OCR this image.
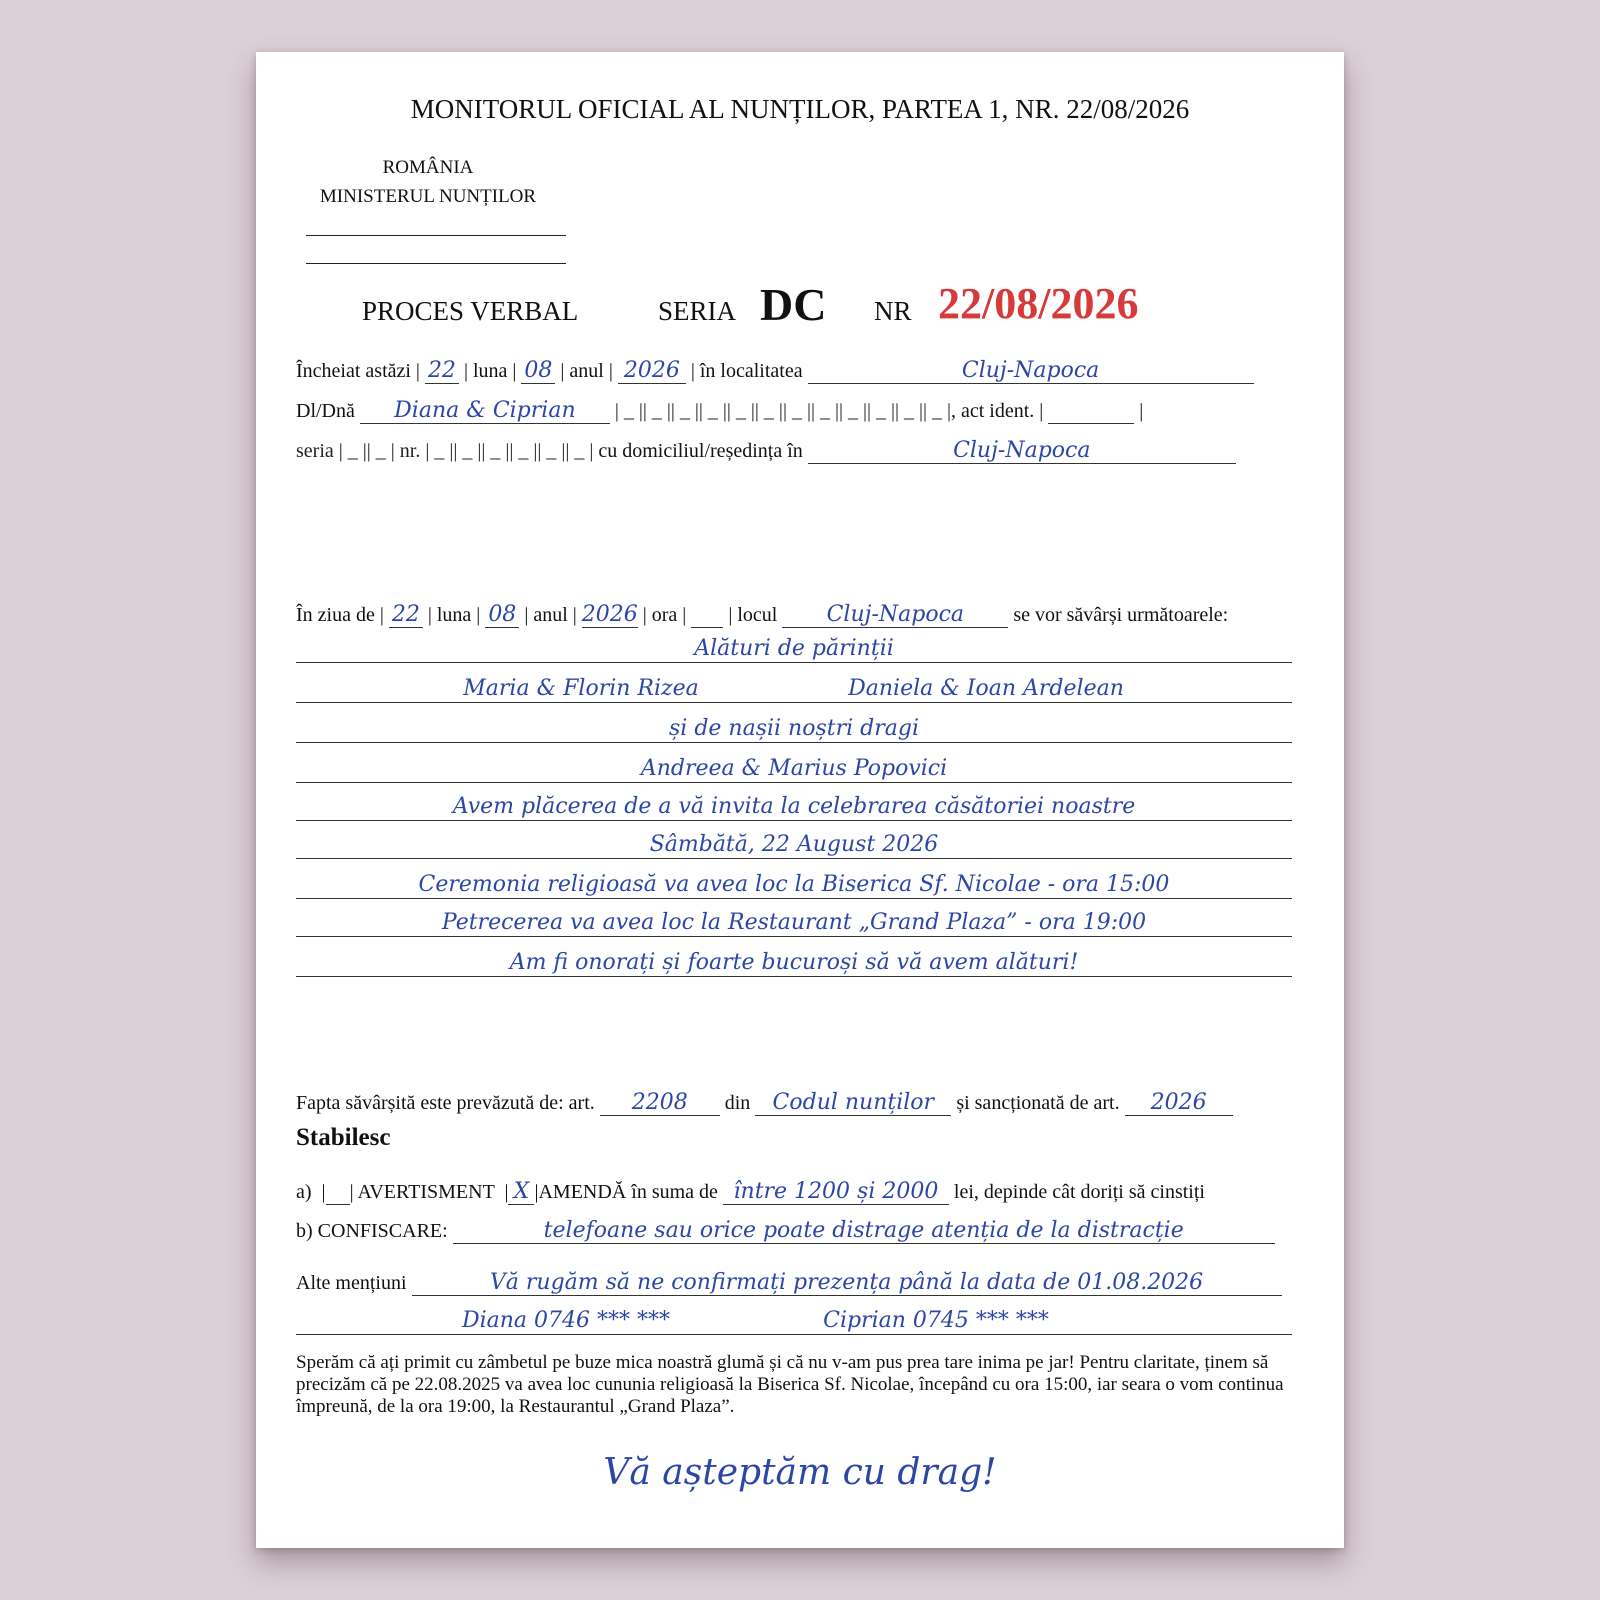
MONITORUL OFICIAL AL NUNȚILOR, PARTEA 1, NR. 22/08/2026
ROMÂNIA
MINISTERUL NUNȚILOR
PROCES VERBAL	SERIA DC NR 22/08/2026
Încheiat astăzi | 22 | luna | 08 | anul | 2026 | în localitatea	Cluj-Napoca
Dl/Dnă Diana & Ciprian | _ || _ || _ || _ || _ || _ || _ || _ || _ || _ || _ || _ |, act ident. |	|
seria | _ || _ | nr. | _ || _ || _ || _ || _ || _ | cu domiciliul/reședința în	Cluj-Napoca
În ziua de | 22 | luna | 08 | anul | 2026 | ora | | locul Cluj-Napoca se vor săvârși următoarele:
Alături de părinții
Maria & Florin Rizea	Daniela & Ioan Ardelean
și de nașii noștri dragi
Andreea & Marius Popovici
Avem plăcerea de a vă invita la celebrarea căsătoriei noastre
Sâmbătă, 22 August 2026
Ceremonia religioasă va avea loc la Biserica Sf. Nicolae - ora 15:00
Petrecerea va avea loc la Restaurant „Grand Plaza” - ora 19:00
Am fi onorați și foarte bucuroși să vă avem alături!
Fapta săvârșită este prevăzută de: art. 2208 din Codul nunților și sancționată de art. 2026
Stabilesc
a)  | | AVERTISMENT  | X |AMENDĂ în suma de între 1200 și 2000 lei, depinde cât doriți să cinstiți
b) CONFISCARE:	telefoane sau orice poate distrage atenția de la distracție
Alte mențiuni	Vă rugăm să ne confirmați prezența până la data de 01.08.2026
Diana 0746 *** ***	Ciprian 0745 *** ***
Sperăm că ați primit cu zâmbetul pe buze mica noastră glumă și că nu v-am pus prea tare inima pe jar! Pentru claritate, ținem să precizăm că pe 22.08.2025 va avea loc cununia religioasă la Biserica Sf. Nicolae, începând cu ora 15:00, iar seara o vom continua împreună, de la ora 19:00, la Restaurantul „Grand Plaza”.
Vă așteptăm cu drag!
